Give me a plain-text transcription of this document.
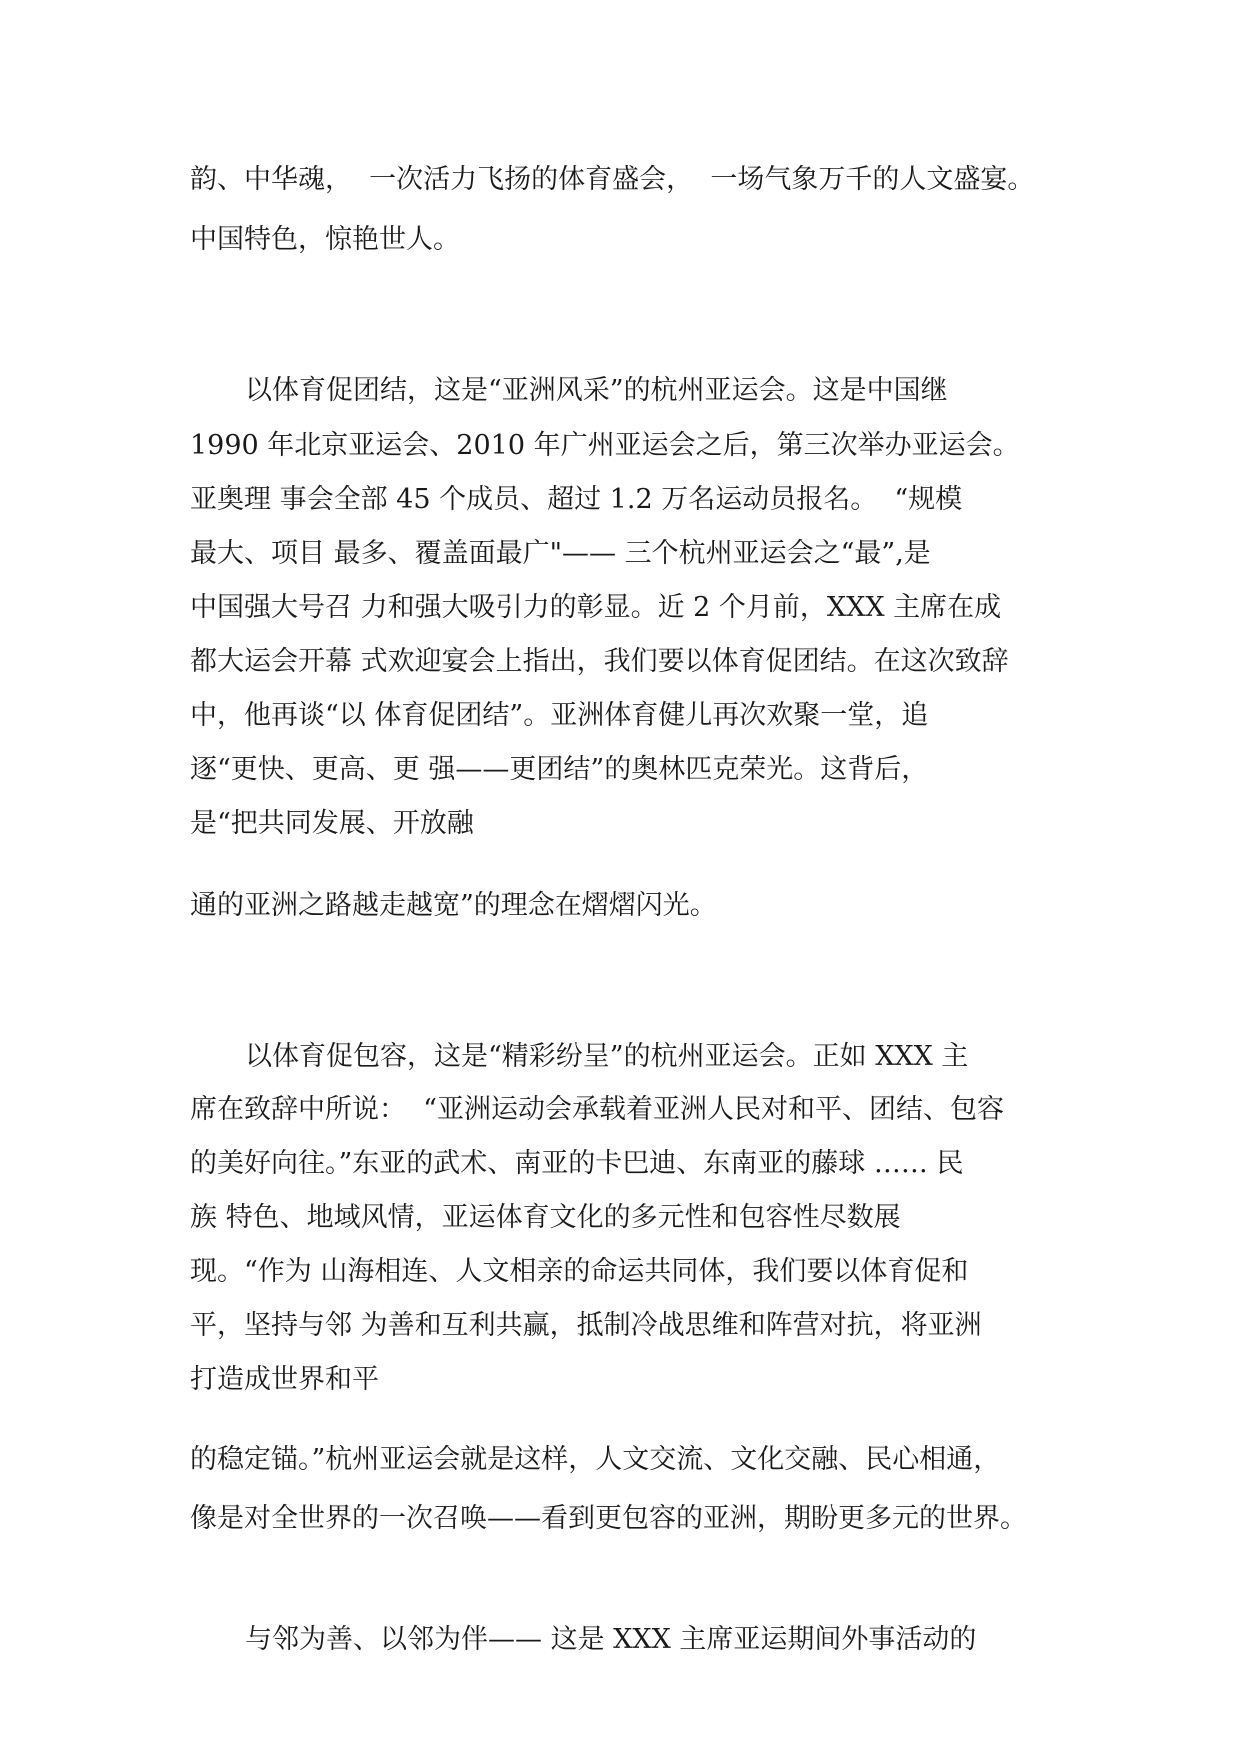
韵、中华魂，  一次活力飞扬的体育盛会，  一场气象万千的人文盛宴。

中国特色，惊艳世人。

以体育促团结，这是“亚洲风采”的杭州亚运会。这是中国继

1990 年北京亚运会、2010 年广州亚运会之后，第三次举办亚运会。

亚奥理 事会全部 45 个成员、超过 1.2 万名运动员报名。  “规模

最大、项目 最多、覆盖面最广"—— 三个杭州亚运会之“最”,是

中国强大号召 力和强大吸引力的彰显。近 2 个月前，XXX 主席在成

都大运会开幕 式欢迎宴会上指出，我们要以体育促团结。在这次致辞

中，他再谈“以 体育促团结”。亚洲体育健儿再次欢聚一堂，追

逐“更快、更高、更 强——更团结”的奥林匹克荣光。这背后，

是“把共同发展、开放融

通的亚洲之路越走越宽”的理念在熠熠闪光。

以体育促包容，这是“精彩纷呈”的杭州亚运会。正如 XXX 主

席在致辞中所说：  “亚洲运动会承载着亚洲人民对和平、团结、包容

的美好向往。”东亚的武术、南亚的卡巴迪、东南亚的藤球 …… 民

族 特色、地域风情，亚运体育文化的多元性和包容性尽数展

现。“作为 山海相连、人文相亲的命运共同体，我们要以体育促和

平，坚持与邻 为善和互利共赢，抵制冷战思维和阵营对抗，将亚洲

打造成世界和平

的稳定锚。”杭州亚运会就是这样，人文交流、文化交融、民心相通，

像是对全世界的一次召唤——看到更包容的亚洲，期盼更多元的世界。

与邻为善、以邻为伴—— 这是 XXX 主席亚运期间外事活动的
